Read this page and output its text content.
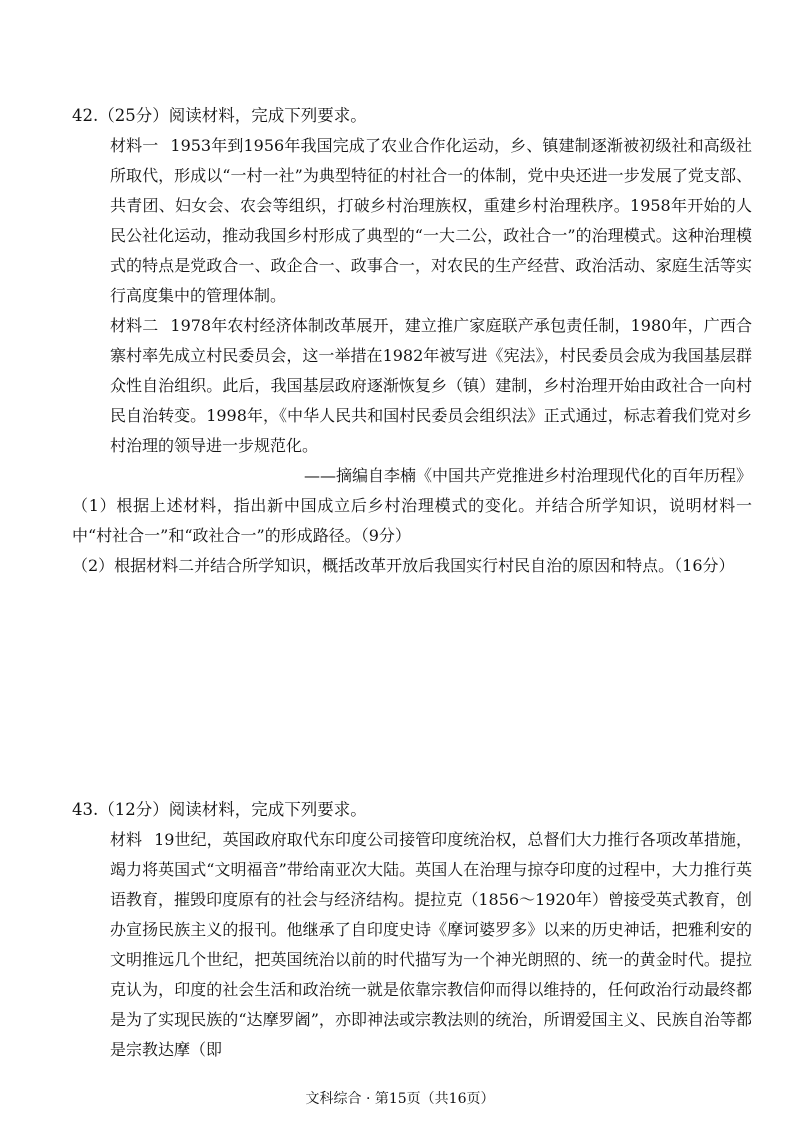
42.（25分）阅读材料，完成下列要求。

材料一 1953年到1956年我国完成了农业合作化运动，乡、镇建制逐渐被初级社和高级社所取代，形成以“一村一社”为典型特征的村社合一的体制，党中央还进一步发展了党支部、共青团、妇女会、农会等组织，打破乡村治理族权，重建乡村治理秩序。1958年开始的人民公社化运动，推动我国乡村形成了典型的“一大二公，政社合一”的治理模式。这种治理模式的特点是党政合一、政企合一、政事合一，对农民的生产经营、政治活动、家庭生活等实行高度集中的管理体制。

材料二 1978年农村经济体制改革展开，建立推广家庭联产承包责任制，1980年，广西合寨村率先成立村民委员会，这一举措在1982年被写进《宪法》，村民委员会成为我国基层群众性自治组织。此后，我国基层政府逐渐恢复乡（镇）建制，乡村治理开始由政社合一向村民自治转变。1998年，《中华人民共和国村民委员会组织法》正式通过，标志着我们党对乡村治理的领导进一步规范化。

——摘编自李楠《中国共产党推进乡村治理现代化的百年历程》

（1）根据上述材料，指出新中国成立后乡村治理模式的变化。并结合所学知识，说明材料一中“村社合一”和“政社合一”的形成路径。（9分）

（2）根据材料二并结合所学知识，概括改革开放后我国实行村民自治的原因和特点。（16分）

43.（12分）阅读材料，完成下列要求。

材料 19世纪，英国政府取代东印度公司接管印度统治权，总督们大力推行各项改革措施，竭力将英国式“文明福音”带给南亚次大陆。英国人在治理与掠夺印度的过程中，大力推行英语教育，摧毁印度原有的社会与经济结构。提拉克（1856～1920年）曾接受英式教育，创办宣扬民族主义的报刊。他继承了自印度史诗《摩诃婆罗多》以来的历史神话，把雅利安的文明推远几个世纪，把英国统治以前的时代描写为一个神光朗照的、统一的黄金时代。提拉克认为，印度的社会生活和政治统一就是依靠宗教信仰而得以维持的，任何政治行动最终都是为了实现民族的“达摩罗阇”，亦即神法或宗教法则的统治，所谓爱国主义、民族自治等都是宗教达摩（即

文科综合 · 第15页（共16页）
